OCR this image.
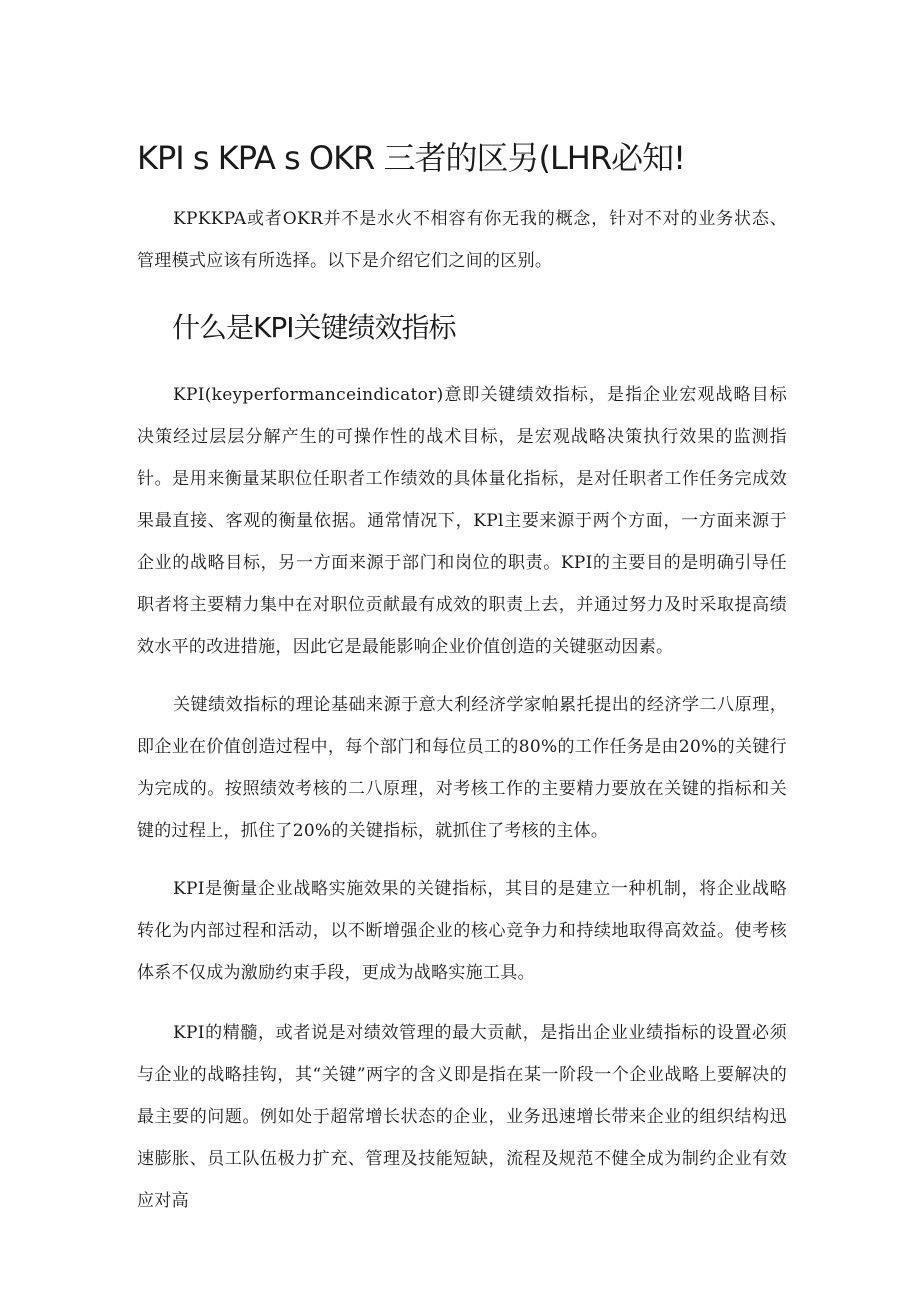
KPI s KPA s OKR 三者的区另(LHR必知!

KPKKPA或者OKR并不是水火不相容有你无我的概念，针对不对的业务状态、管理模式应该有所选择。以下是介绍它们之间的区别。

什么是KPI关键绩效指标

KPI(keyperformanceindicator)意即关键绩效指标，是指企业宏观战略目标决策经过层层分解产生的可操作性的战术目标，是宏观战略决策执行效果的监测指针。是用来衡量某职位任职者工作绩效的具体量化指标，是对任职者工作任务完成效果最直接、客观的衡量依据。通常情况下，KPl主要来源于两个方面，一方面来源于企业的战略目标，另一方面来源于部门和岗位的职责。KPI的主要目的是明确引导任职者将主要精力集中在对职位贡献最有成效的职责上去，并通过努力及时采取提高绩效水平的改进措施，因此它是最能影响企业价值创造的关键驱动因素。

关键绩效指标的理论基础来源于意大利经济学家帕累托提出的经济学二八原理，即企业在价值创造过程中，每个部门和每位员工的80%的工作任务是由20%的关键行为完成的。按照绩效考核的二八原理，对考核工作的主要精力要放在关键的指标和关键的过程上，抓住了20%的关键指标，就抓住了考核的主体。

KPI是衡量企业战略实施效果的关键指标，其目的是建立一种机制，将企业战略转化为内部过程和活动，以不断增强企业的核心竞争力和持续地取得高效益。使考核体系不仅成为激励约束手段，更成为战略实施工具。

KPI的精髓，或者说是对绩效管理的最大贡献，是指出企业业绩指标的设置必须与企业的战略挂钩，其“关键”两字的含义即是指在某一阶段一个企业战略上要解决的最主要的问题。例如处于超常增长状态的企业，业务迅速增长带来企业的组织结构迅速膨胀、员工队伍极力扩充、管理及技能短缺，流程及规范不健全成为制约企业有效应对高
